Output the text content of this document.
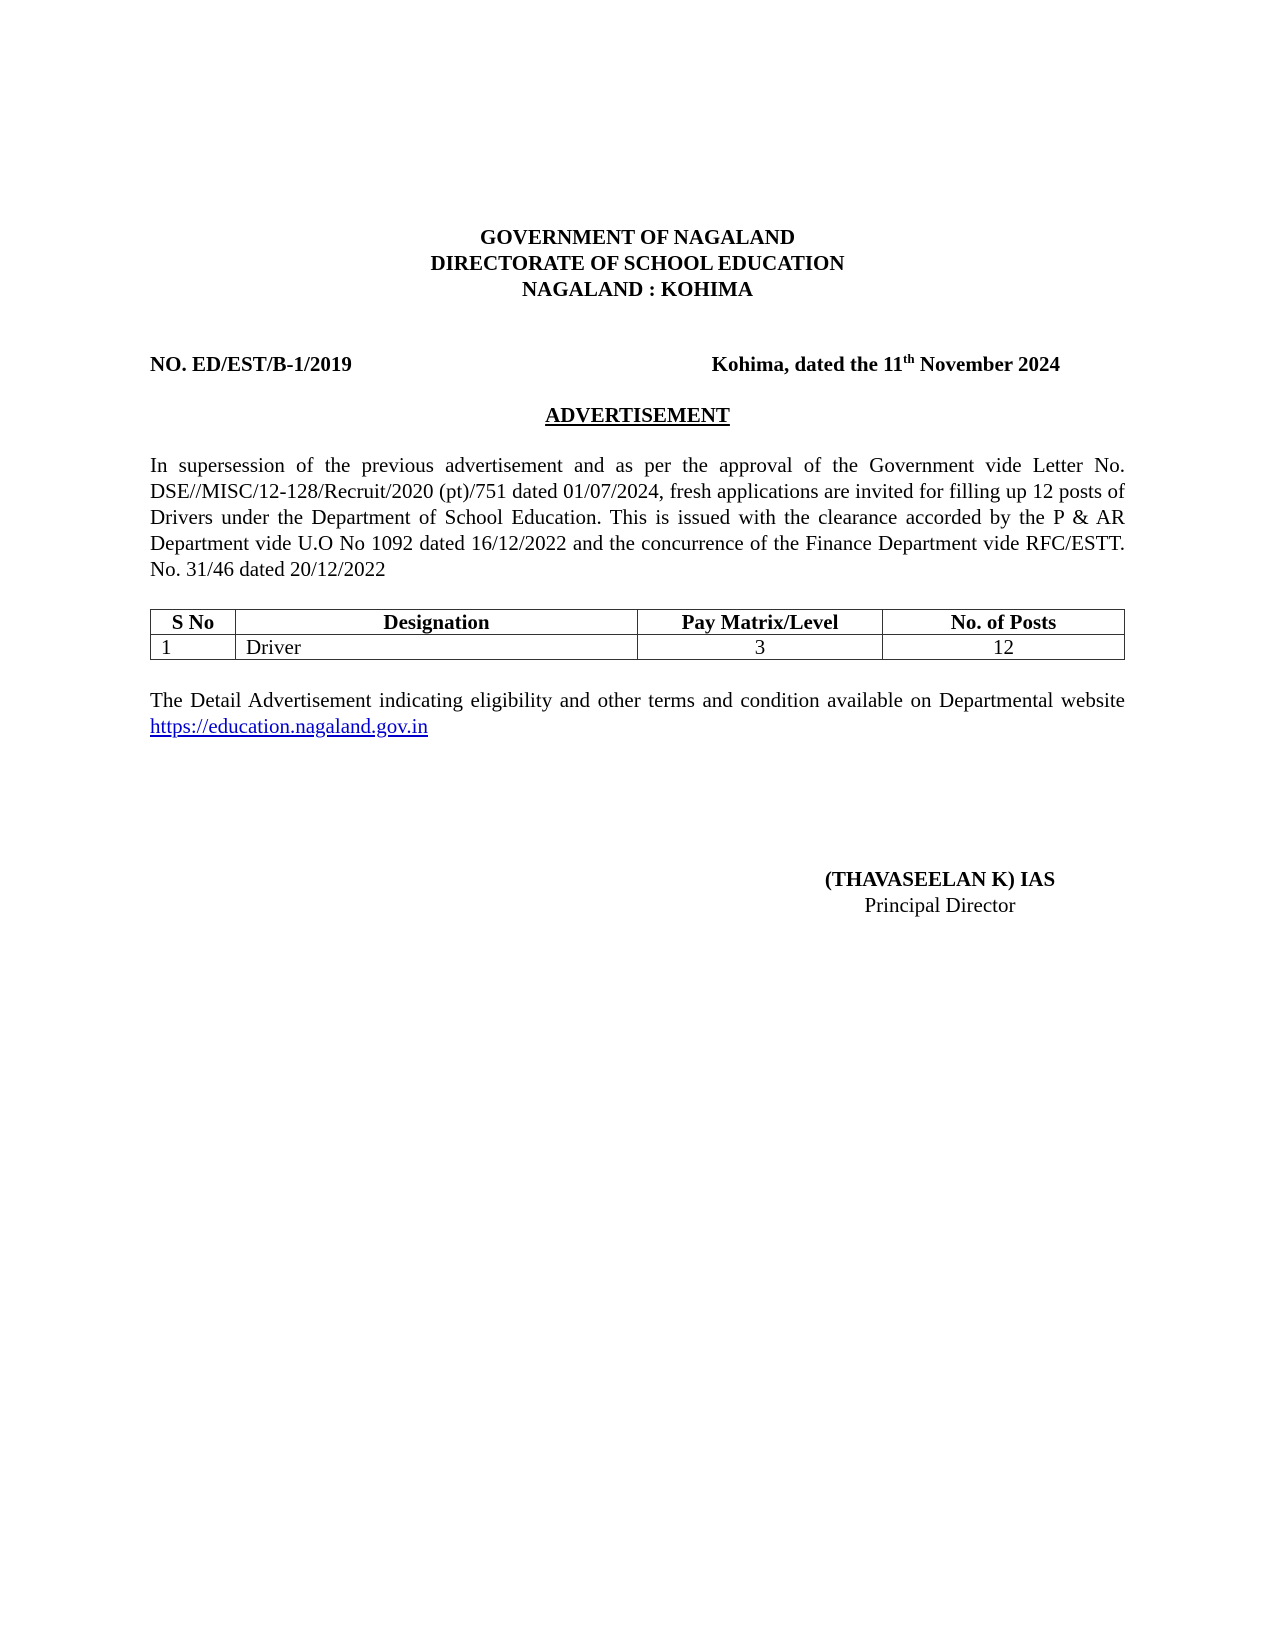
GOVERNMENT OF NAGALAND
DIRECTORATE OF SCHOOL EDUCATION
NAGALAND : KOHIMA
NO. ED/EST/B-1/2019	Kohima, dated the 11th November 2024
ADVERTISEMENT
In supersession of the previous advertisement and as per the approval of the Government vide Letter No. DSE//MISC/12-128/Recruit/2020 (pt)/751 dated 01/07/2024, fresh applications are invited for filling up 12 posts of Drivers under the Department of School Education. This is issued with the clearance accorded by the P & AR Department vide U.O No 1092 dated 16/12/2022 and the concurrence of the Finance Department vide RFC/ESTT. No. 31/46 dated 20/12/2022
S No	Designation	Pay Matrix/Level	No. of Posts
1	Driver	3	12
The Detail Advertisement indicating eligibility and other terms and condition available on Departmental website https://education.nagaland.gov.in
(THAVASEELAN K) IAS
Principal Director
